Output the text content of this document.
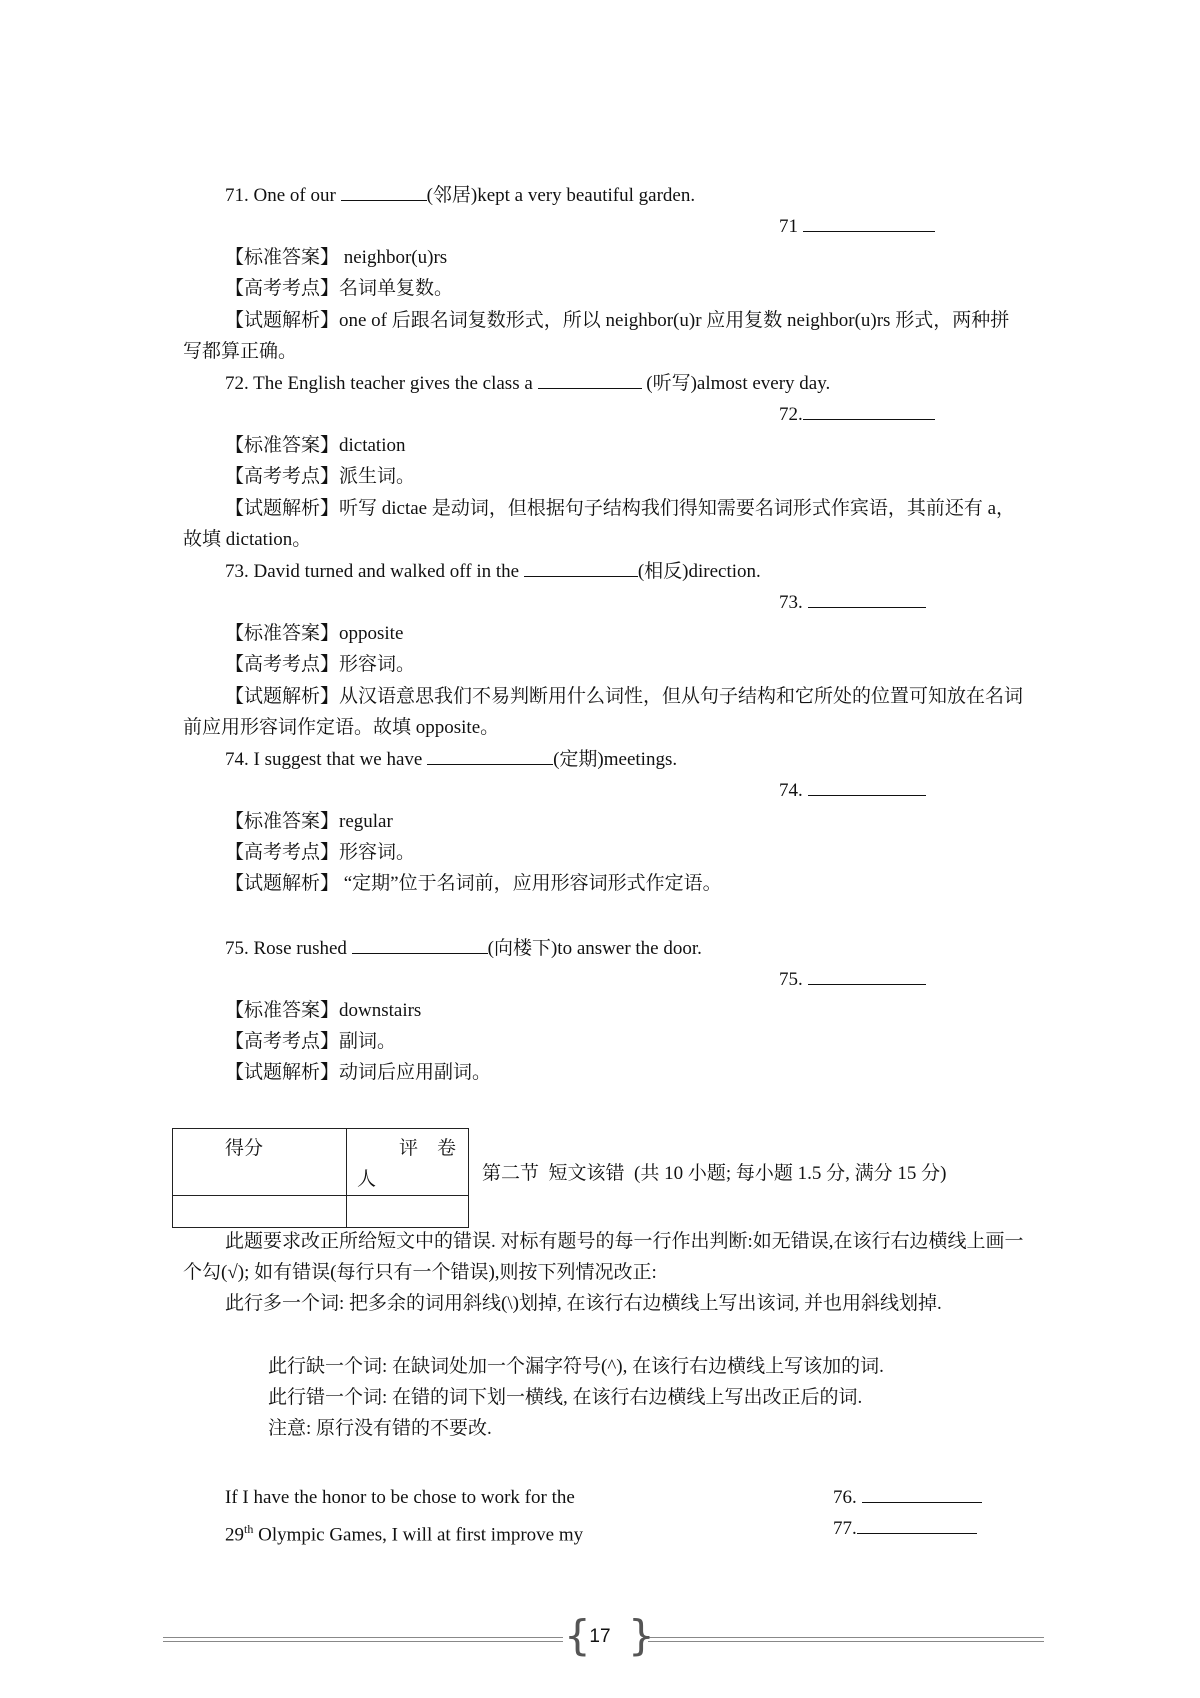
71. One of our	(邻居)kept a very beautiful garden.
71
【标准答案】 neighbor(u)rs
【高考考点】名词单复数。
【试题解析】one of 后跟名词复数形式，所以 neighbor(u)r 应用复数 neighbor(u)rs 形式，两种拼写都算正确。
72. The English teacher gives the class a	(听写)almost every day.
72.
【标准答案】dictation
【高考考点】派生词。
【试题解析】听写 dictae 是动词，但根据句子结构我们得知需要名词形式作宾语，其前还有 a，故填 dictation。
73. David turned and walked off in the	(相反)direction.
73.
【标准答案】opposite
【高考考点】形容词。
【试题解析】从汉语意思我们不易判断用什么词性，但从句子结构和它所处的位置可知放在名词前应用形容词作定语。故填 opposite。
74. I suggest that we have	(定期)meetings.
74.
【标准答案】regular
【高考考点】形容词。
【试题解析】 “定期”位于名词前，应用形容词形式作定语。
75. Rose rushed	(向楼下)to answer the door.
75.
【标准答案】downstairs
【高考考点】副词。
【试题解析】动词后应用副词。
得分	评    卷
人

		第二节  短文该错  (共 10 小题; 每小题 1.5 分, 满分 15 分)
此题要求改正所给短文中的错误. 对标有题号的每一行作出判断:如无错误,在该行右边横线上画一个勾(√); 如有错误(每行只有一个错误),则按下列情况改正:
此行多一个词: 把多余的词用斜线(\)划掉, 在该行右边横线上写出该词, 并也用斜线划掉.
此行缺一个词: 在缺词处加一个漏字符号(^), 在该行右边横线上写该加的词.
此行错一个词: 在错的词下划一横线, 在该行右边横线上写出改正后的词.
注意: 原行没有错的不要改.
If I have the honor to be chose to work for the	76.
29th Olympic Games, I will at first improve my	77.
{ }
17
